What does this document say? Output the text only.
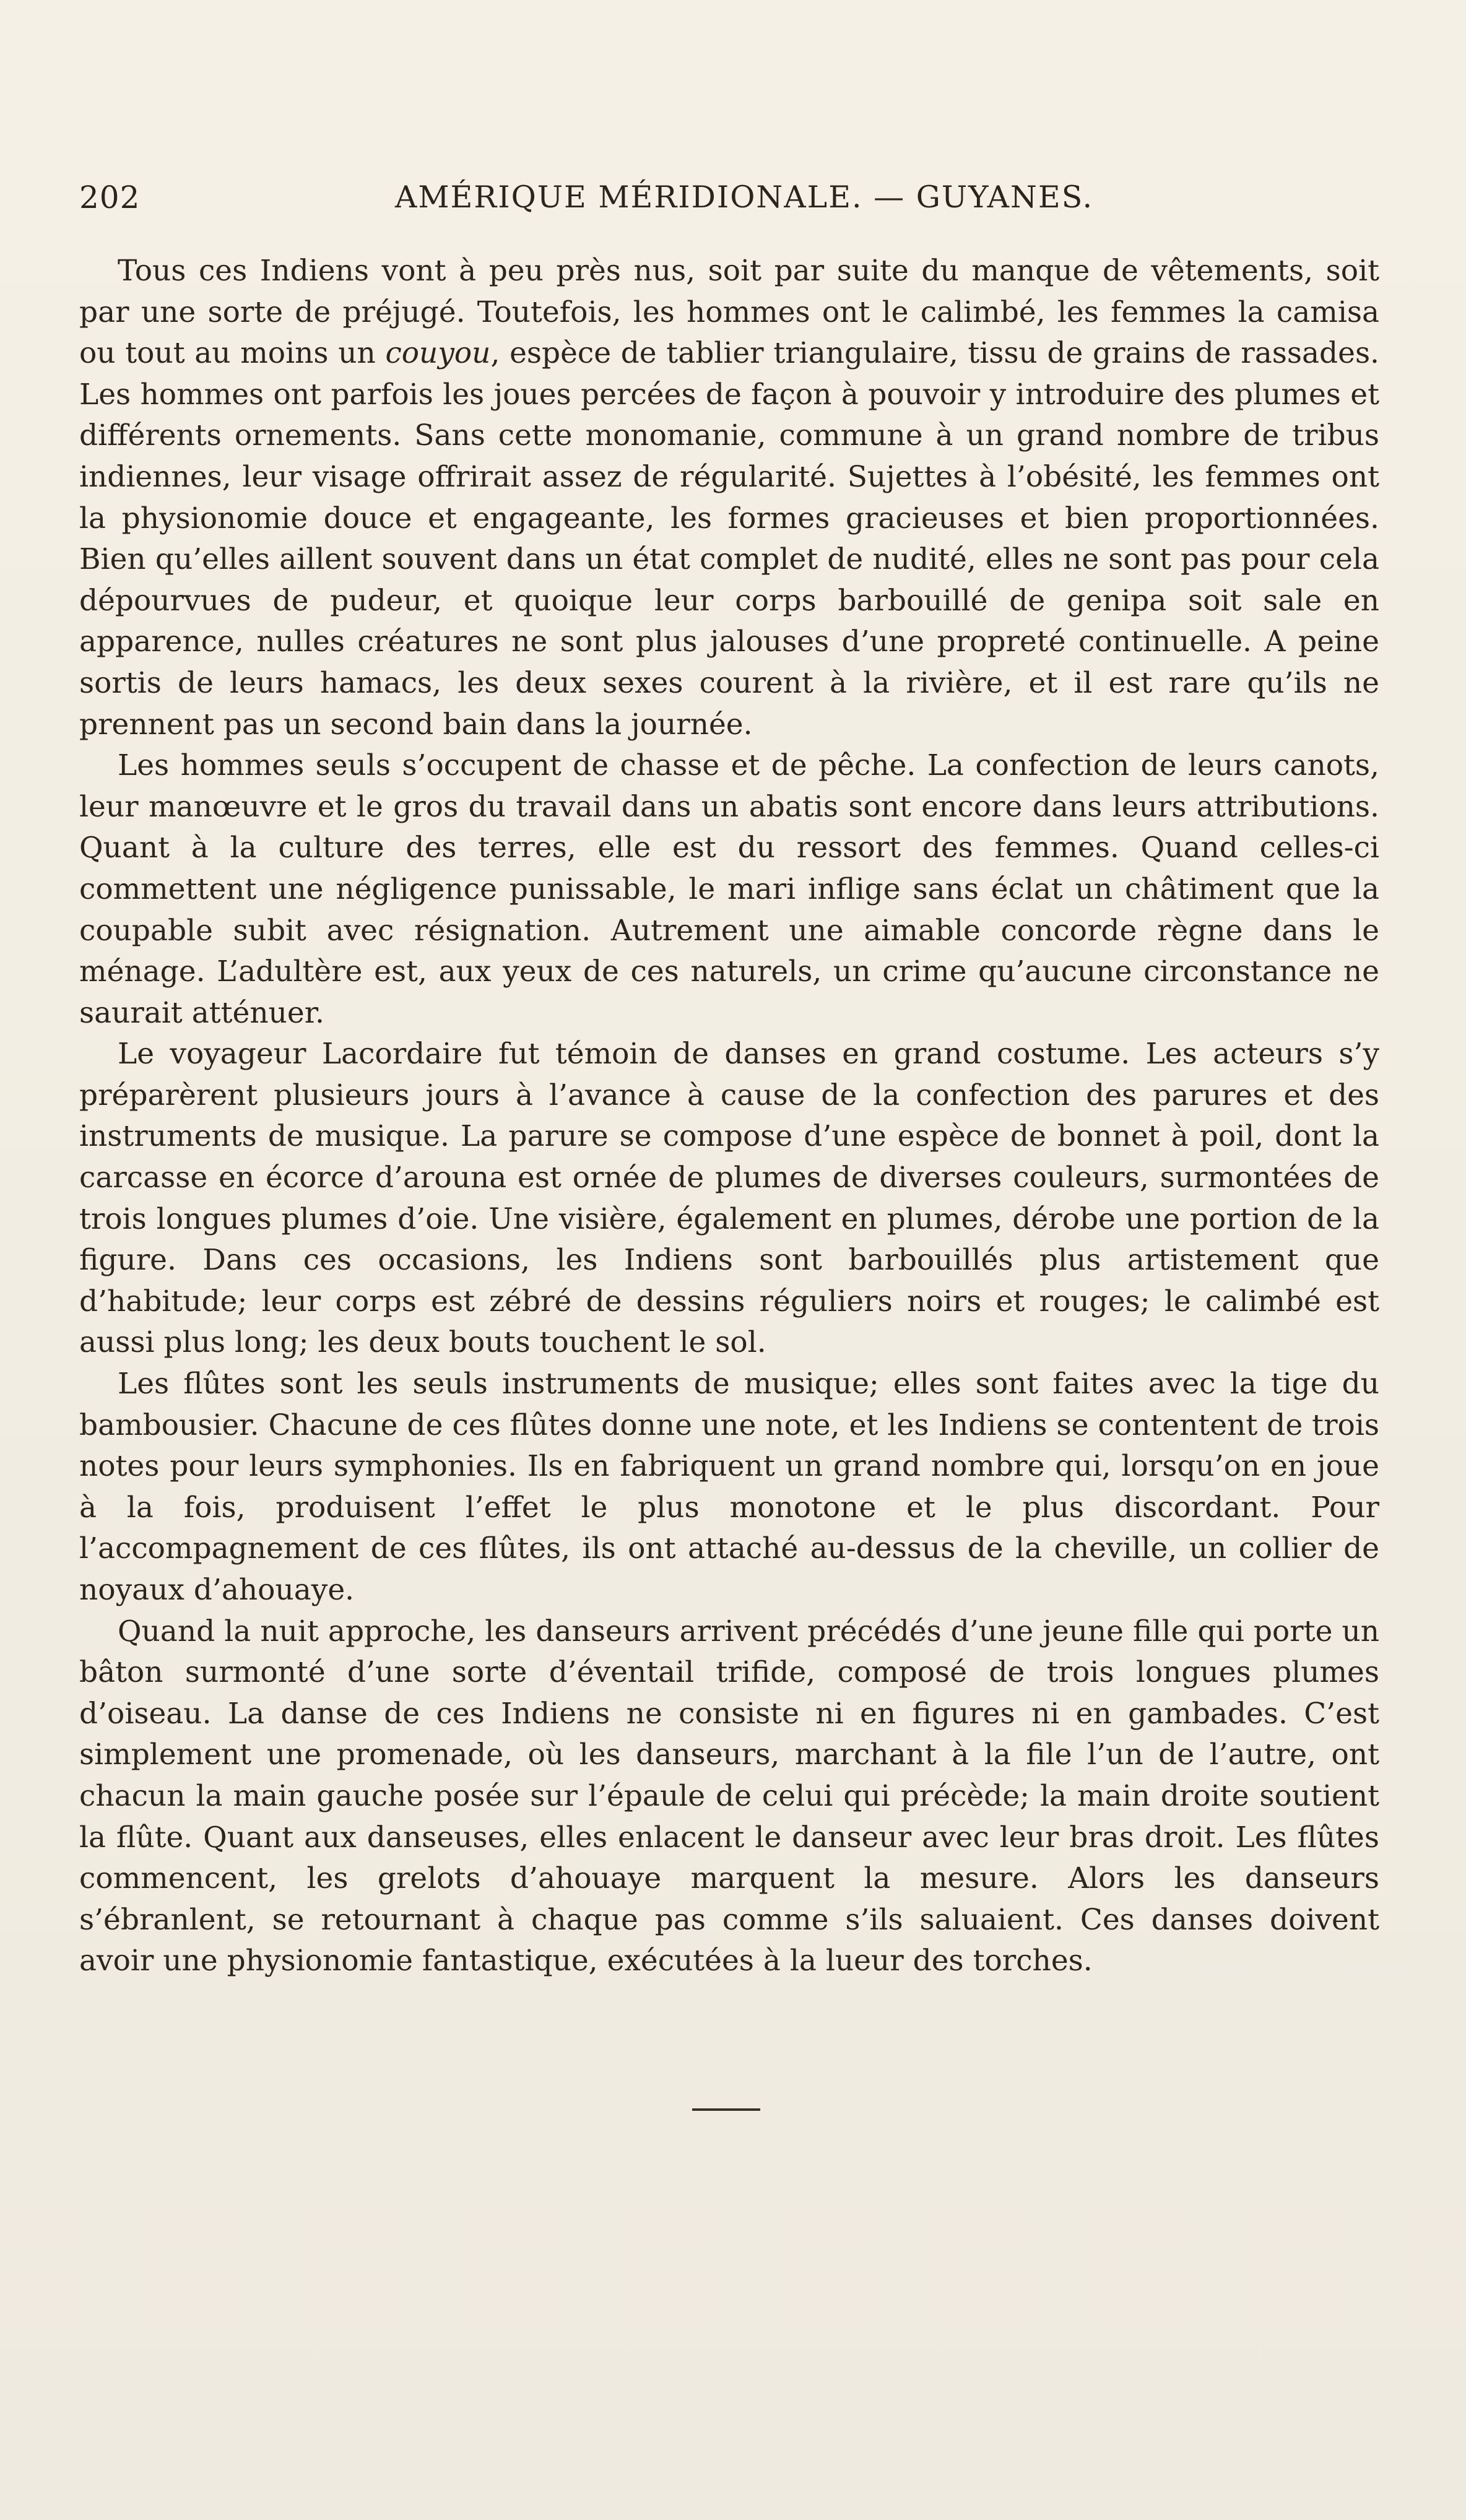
202	AMÉRIQUE MÉRIDIONALE. — GUYANES.

Tous ces Indiens vont à peu près nus, soit par suite du manque de vêtements, soit par une sorte de préjugé. Toutefois, les hommes ont le calimbé, les femmes la camisa ou tout au moins un couyou, espèce de tablier triangulaire, tissu de grains de rassades. Les hommes ont parfois les joues percées de façon à pouvoir y introduire des plumes et différents ornements. Sans cette monomanie, commune à un grand nombre de tribus indiennes, leur visage offrirait assez de régularité. Sujettes à l’obésité, les femmes ont la physionomie douce et engageante, les formes gracieuses et bien proportionnées. Bien qu’elles aillent souvent dans un état complet de nudité, elles ne sont pas pour cela dépourvues de pudeur, et quoique leur corps barbouillé de genipa soit sale en apparence, nulles créatures ne sont plus jalouses d’une propreté continuelle. A peine sortis de leurs hamacs, les deux sexes courent à la rivière, et il est rare qu’ils ne prennent pas un second bain dans la journée.

Les hommes seuls s’occupent de chasse et de pêche. La confection de leurs canots, leur manœuvre et le gros du travail dans un abatis sont encore dans leurs attributions. Quant à la culture des terres, elle est du ressort des femmes. Quand celles-ci commettent une négligence punissable, le mari inflige sans éclat un châtiment que la coupable subit avec résignation. Autrement une aimable concorde règne dans le ménage. L’adultère est, aux yeux de ces naturels, un crime qu’aucune circonstance ne saurait atténuer.

Le voyageur Lacordaire fut témoin de danses en grand costume. Les acteurs s’y préparèrent plusieurs jours à l’avance à cause de la confection des parures et des instruments de musique. La parure se compose d’une espèce de bonnet à poil, dont la carcasse en écorce d’arouna est ornée de plumes de diverses couleurs, surmontées de trois longues plumes d’oie. Une visière, également en plumes, dérobe une portion de la figure. Dans ces occasions, les Indiens sont barbouillés plus artistement que d’habitude; leur corps est zébré de dessins réguliers noirs et rouges; le calimbé est aussi plus long; les deux bouts touchent le sol.

Les flûtes sont les seuls instruments de musique; elles sont faites avec la tige du bambousier. Chacune de ces flûtes donne une note, et les Indiens se contentent de trois notes pour leurs symphonies. Ils en fabriquent un grand nombre qui, lorsqu’on en joue à la fois, produisent l’effet le plus monotone et le plus discordant. Pour l’accompagnement de ces flûtes, ils ont attaché au-dessus de la cheville, un collier de noyaux d’ahouaye.

Quand la nuit approche, les danseurs arrivent précédés d’une jeune fille qui porte un bâton surmonté d’une sorte d’éventail trifide, composé de trois longues plumes d’oiseau. La danse de ces Indiens ne consiste ni en figures ni en gambades. C’est simplement une promenade, où les danseurs, marchant à la file l’un de l’autre, ont chacun la main gauche posée sur l’épaule de celui qui précède; la main droite soutient la flûte. Quant aux danseuses, elles enlacent le danseur avec leur bras droit. Les flûtes commencent, les grelots d’ahouaye marquent la mesure. Alors les danseurs s’ébranlent, se retournant à chaque pas comme s’ils saluaient. Ces danses doivent avoir une physionomie fantastique, exécutées à la lueur des torches.
